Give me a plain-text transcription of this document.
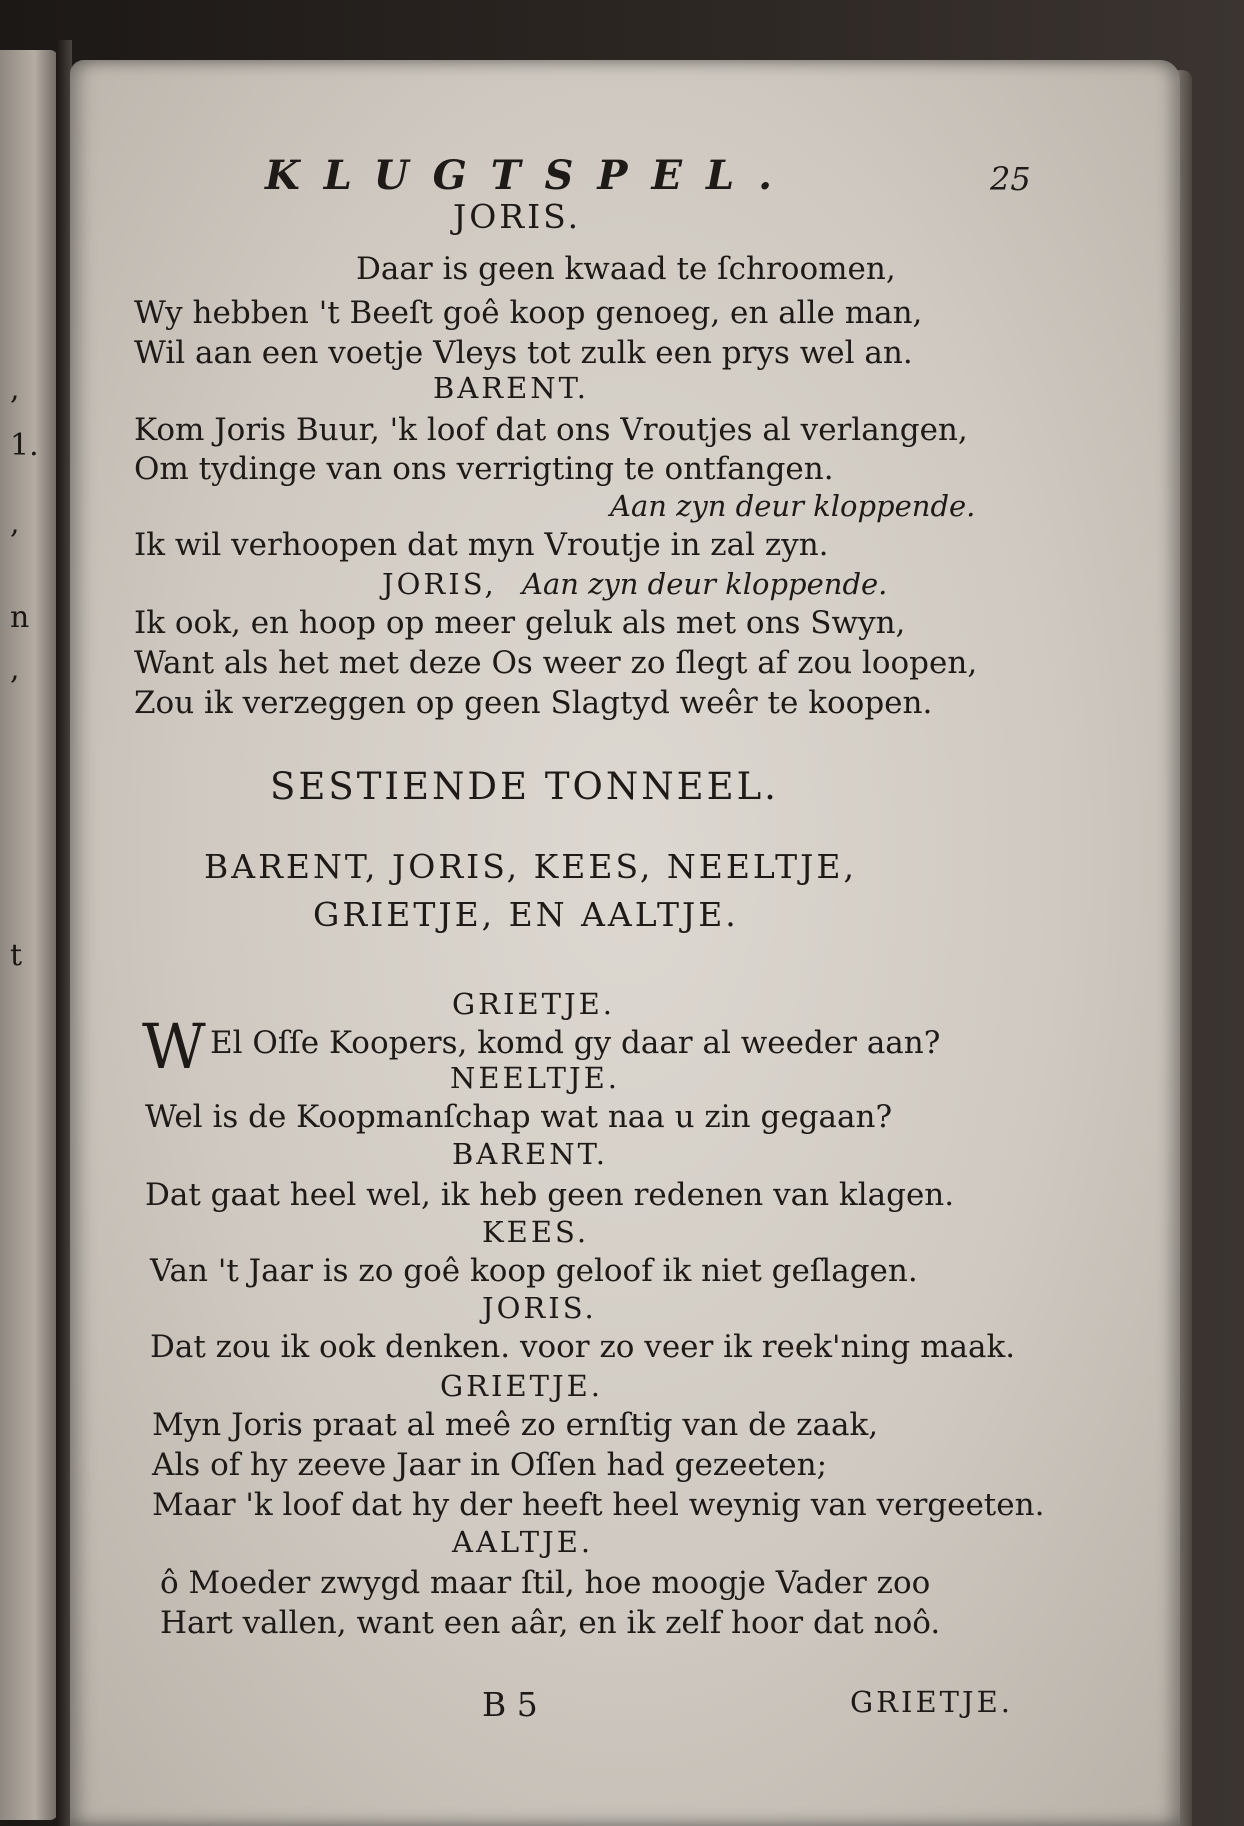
,
1.
,
n
,
t
KLUGTSPEL.	25
JORIS.
Daar is geen kwaad te ſchroomen,
Wy hebben 't Beeſt goê koop genoeg, en alle man,
Wil aan een voetje Vleys tot zulk een prys wel an.
BARENT.
Kom Joris Buur, 'k loof dat ons Vroutjes al verlangen,
Om tydinge van ons verrigting te ontfangen.
Aan zyn deur kloppende.
Ik wil verhoopen dat myn Vroutje in zal zyn.
JORIS, Aan zyn deur kloppende.
Ik ook, en hoop op meer geluk als met ons Swyn,
Want als het met deze Os weer zo ſlegt af zou loopen,
Zou ik verzeggen op geen Slagtyd weêr te koopen.
SESTIENDE TONNEEL.
BARENT, JORIS, KEES, NEELTJE,
GRIETJE, EN AALTJE.
GRIETJE.
W El Oſſe Koopers, komd gy daar al weeder aan?
NEELTJE.
Wel is de Koopmanſchap wat naa u zin gegaan?
BARENT.
Dat gaat heel wel, ik heb geen redenen van klagen.
KEES.
Van 't Jaar is zo goê koop geloof ik niet geſlagen.
JORIS.
Dat zou ik ook denken. voor zo veer ik reek'ning maak.
GRIETJE.
Myn Joris praat al meê zo ernſtig van de zaak,
Als of hy zeeve Jaar in Oſſen had gezeeten;
Maar 'k loof dat hy der heeft heel weynig van vergeeten.
AALTJE.
ô Moeder zwygd maar ſtil, hoe moogje Vader zoo
Hart vallen, want een aâr, en ik zelf hoor dat noô.
B 5	GRIETJE.
